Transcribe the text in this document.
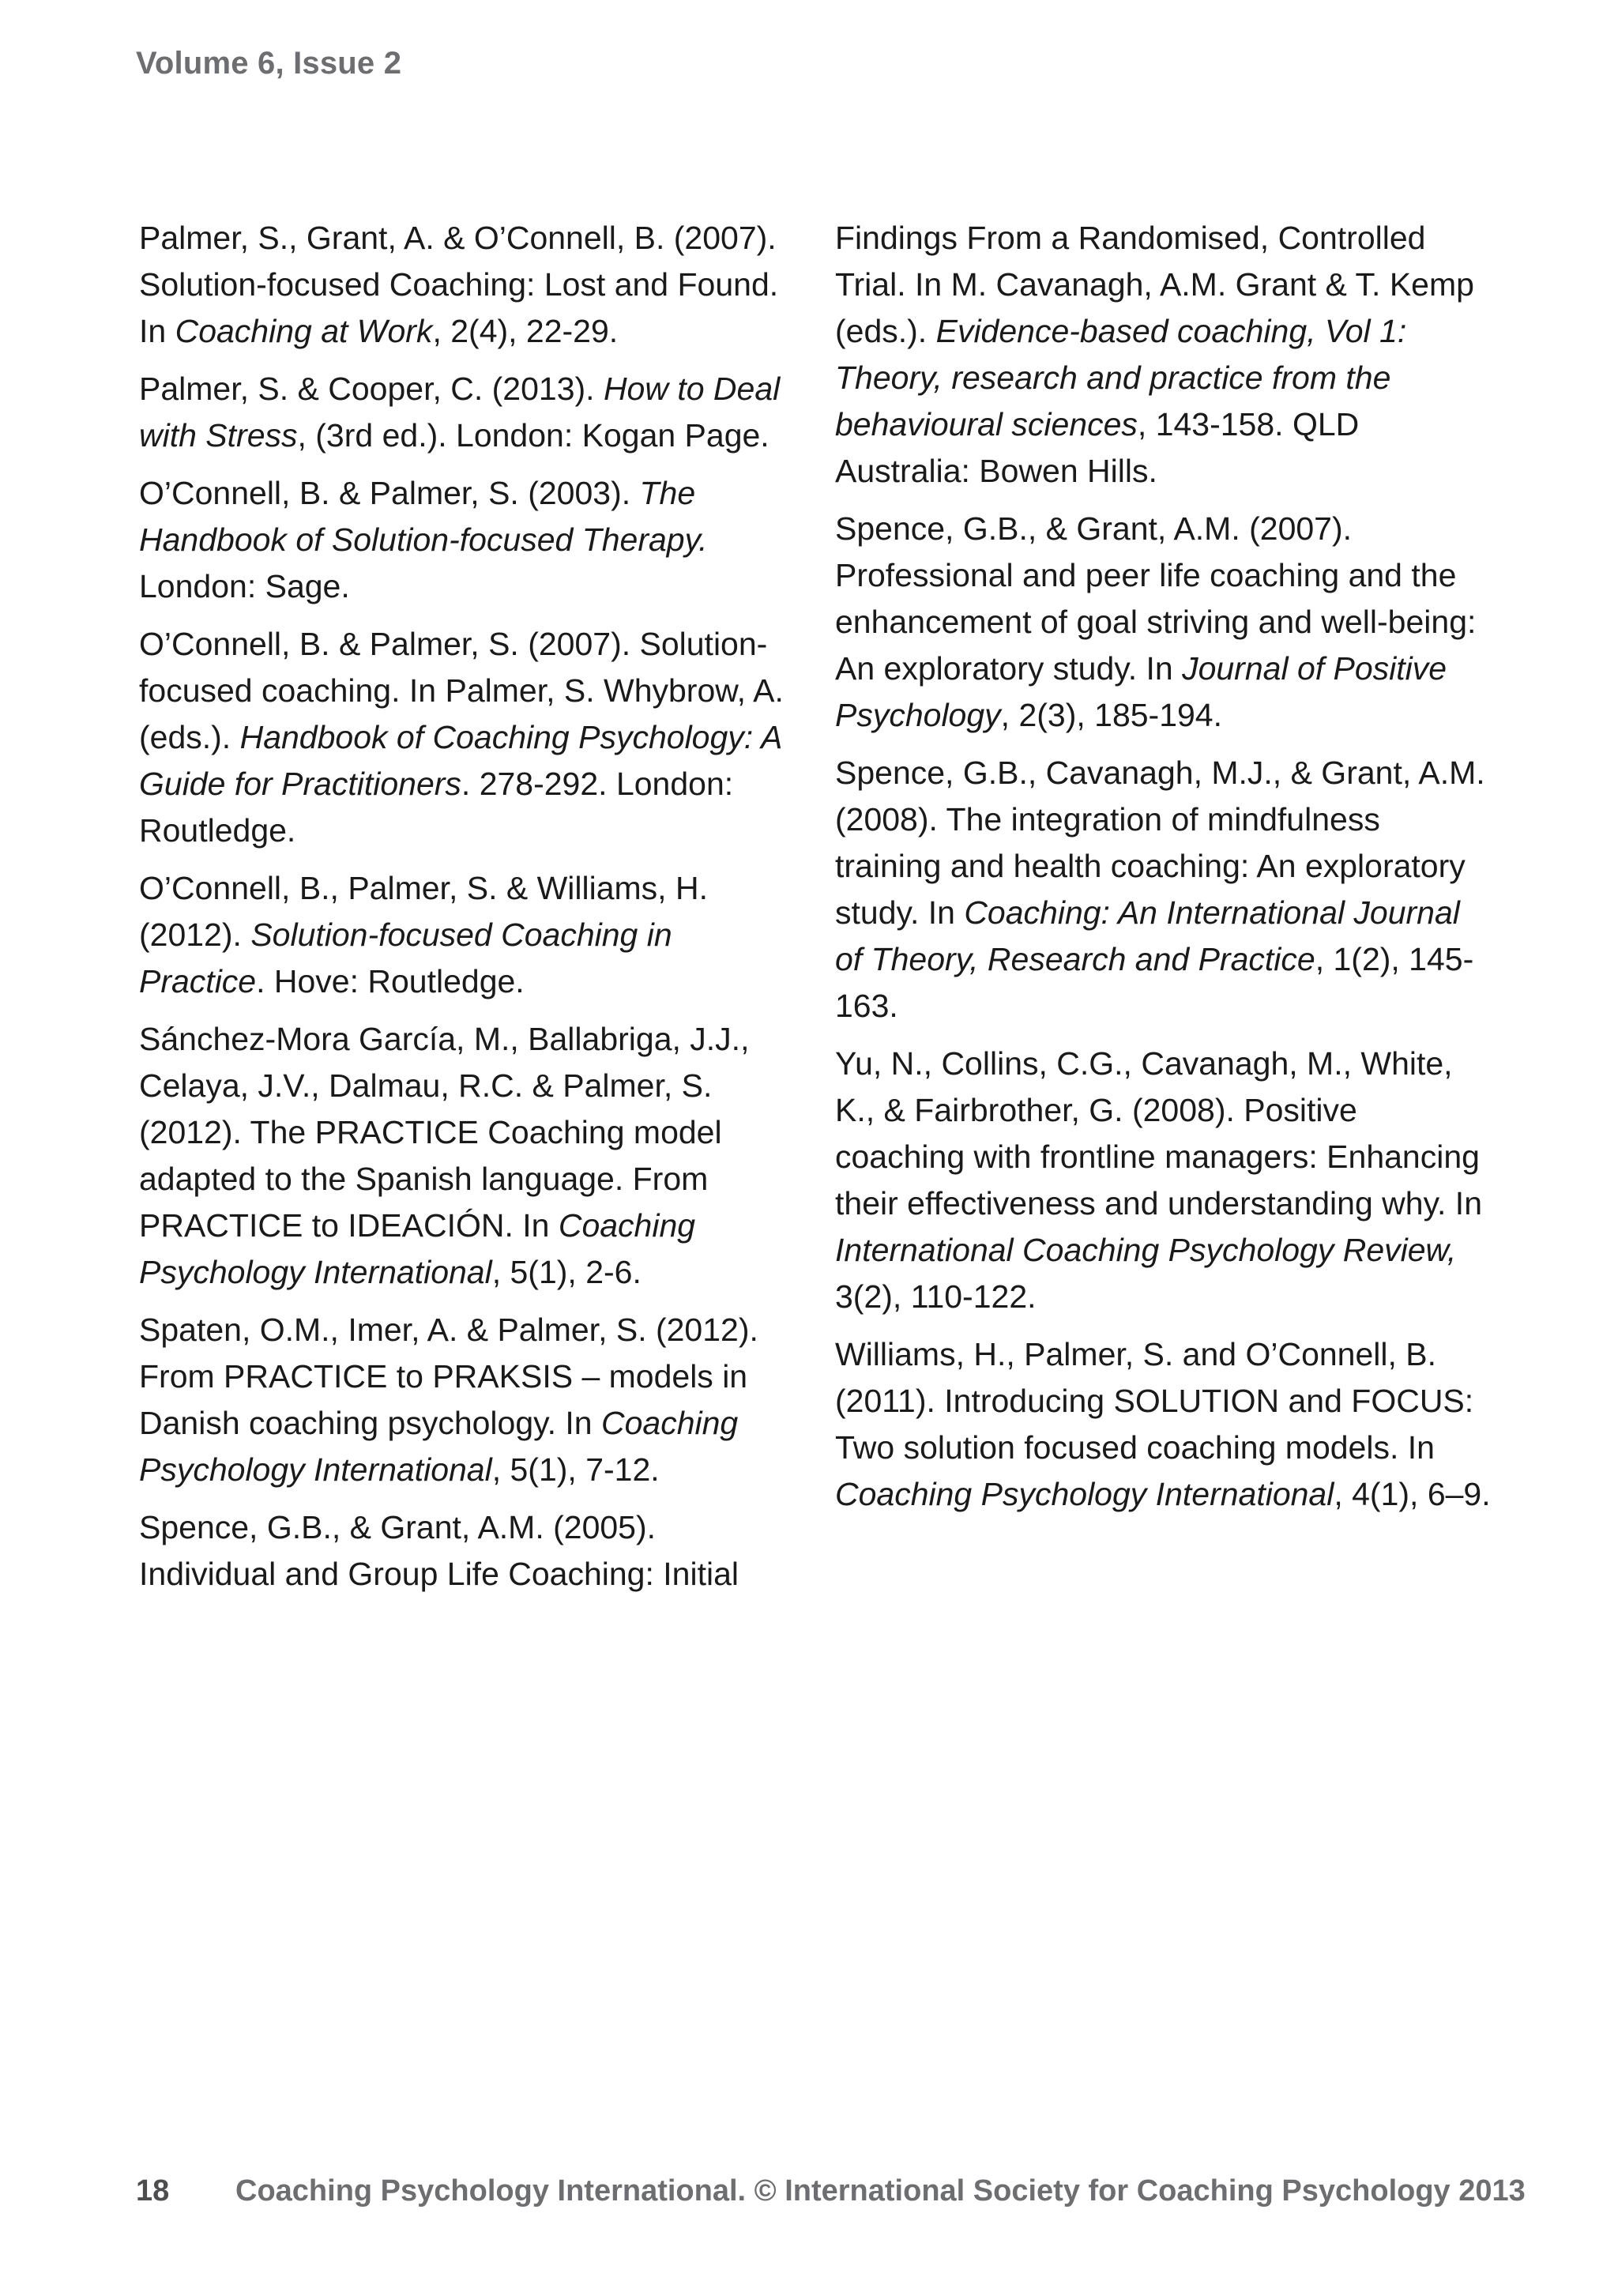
Volume 6, Issue 2

Palmer, S., Grant, A. & O’Connell, B. (2007). Solution-focused Coaching: Lost and Found. In Coaching at Work, 2(4), 22-29.

Palmer, S. & Cooper, C. (2013). How to Deal with Stress, (3rd ed.). London: Kogan Page.

O’Connell, B. & Palmer, S. (2003). The Handbook of Solution-focused Therapy. London: Sage.

O’Connell, B. & Palmer, S. (2007). Solution-focused coaching. In Palmer, S. Whybrow, A. (eds.). Handbook of Coaching Psychology: A Guide for Practitioners. 278-292. London: Routledge.

O’Connell, B., Palmer, S. & Williams, H. (2012). Solution-focused Coaching in Practice. Hove: Routledge.

Sánchez-Mora García, M., Ballabriga, J.J., Celaya, J.V., Dalmau, R.C. & Palmer, S. (2012). The PRACTICE Coaching model adapted to the Spanish language. From PRACTICE to IDEACIÓN. In Coaching Psychology International, 5(1), 2-6.

Spaten, O.M., Imer, A. & Palmer, S. (2012). From PRACTICE to PRAKSIS – models in Danish coaching psychology. In Coaching Psychology International, 5(1), 7-12.

Spence, G.B., & Grant, A.M. (2005). Individual and Group Life Coaching: Initial

Findings From a Randomised, Controlled Trial. In M. Cavanagh, A.M. Grant & T. Kemp (eds.). Evidence-based coaching, Vol 1: Theory, research and practice from the behavioural sciences, 143-158. QLD Australia: Bowen Hills.

Spence, G.B., & Grant, A.M. (2007). Professional and peer life coaching and the enhancement of goal striving and well-being: An exploratory study. In Journal of Positive Psychology, 2(3), 185-194.

Spence, G.B., Cavanagh, M.J., & Grant, A.M. (2008). The integration of mindfulness training and health coaching: An exploratory study. In Coaching: An International Journal of Theory, Research and Practice, 1(2), 145-163.

Yu, N., Collins, C.G., Cavanagh, M., White, K., & Fairbrother, G. (2008). Positive coaching with frontline managers: Enhancing their effectiveness and understanding why. In International Coaching Psychology Review, 3(2), 110-122.

Williams, H., Palmer, S. and O’Connell, B. (2011). Introducing SOLUTION and FOCUS: Two solution focused coaching models. In Coaching Psychology International, 4(1), 6–9.

18 Coaching Psychology International. © International Society for Coaching Psychology 2013
